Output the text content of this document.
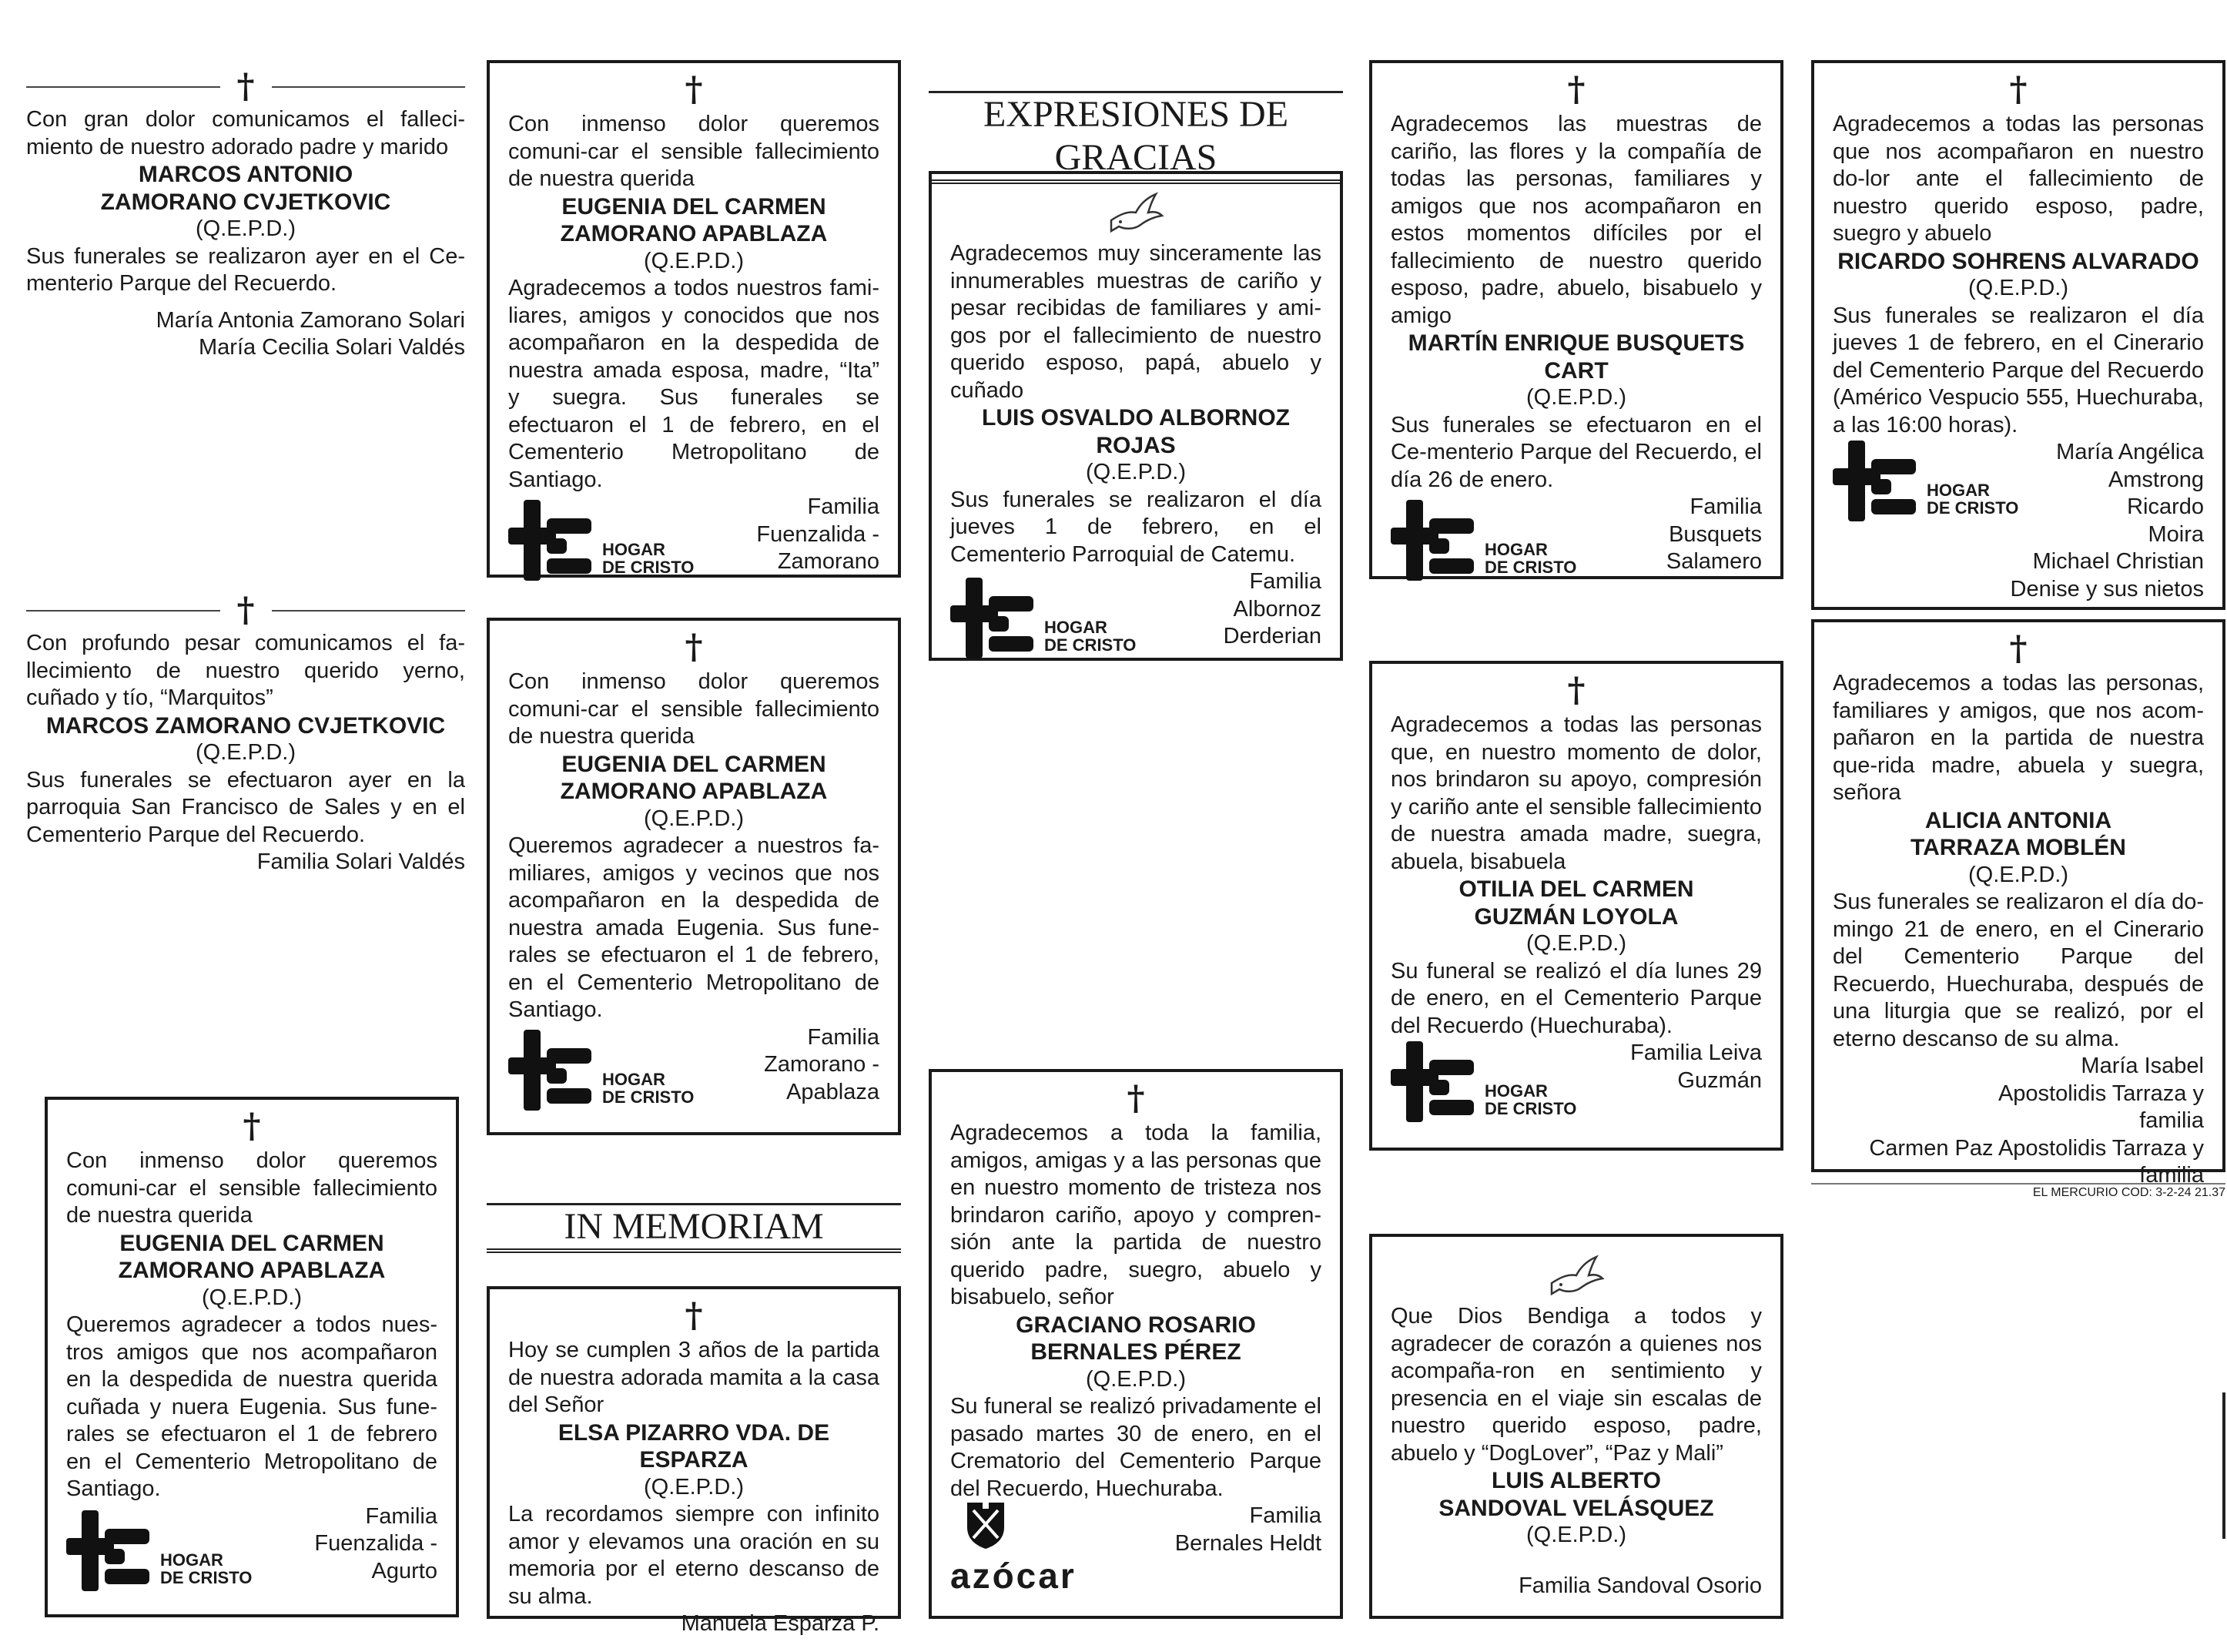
†
Con gran dolor comunicamos el falleci-miento de nuestro adorado padre y marido
MARCOS ANTONIO
ZAMORANO CVJETKOVIC
(Q.E.P.D.)
Sus funerales se realizaron ayer en el Ce-menterio Parque del Recuerdo.
María Antonia Zamorano Solari
María Cecilia Solari Valdés
†
Con profundo pesar comunicamos el fa-llecimiento de nuestro querido yerno, cuñado y tío, “Marquitos”
MARCOS ZAMORANO CVJETKOVIC
(Q.E.P.D.)
Sus funerales se efectuaron ayer en la parroquia San Francisco de Sales y en el Cementerio Parque del Recuerdo.
Familia Solari Valdés
†
Con inmenso dolor queremos comuni-car el sensible fallecimiento de nuestra querida
EUGENIA DEL CARMEN
ZAMORANO APABLAZA
(Q.E.P.D.)
Queremos agradecer a todos nues-tros amigos que nos acompañaron en la despedida de nuestra querida cuñada y nuera Eugenia. Sus fune-rales se efectuaron el 1 de febrero en el Cementerio Metropolitano de Santiago.
Familia
Fuenzalida -
Agurto
HOGAR
DE CRISTO
†
Con inmenso dolor queremos comuni-car el sensible fallecimiento de nuestra querida
EUGENIA DEL CARMEN
ZAMORANO APABLAZA
(Q.E.P.D.)
Agradecemos a todos nuestros fami-liares, amigos y conocidos que nos acompañaron en la despedida de nuestra amada esposa, madre, “Ita” y suegra. Sus funerales se efectuaron el 1 de febrero, en el Cementerio Metropolitano de Santiago.
Familia
Fuenzalida -
Zamorano
HOGAR
DE CRISTO
†
Con inmenso dolor queremos comuni-car el sensible fallecimiento de nuestra querida
EUGENIA DEL CARMEN
ZAMORANO APABLAZA
(Q.E.P.D.)
Queremos agradecer a nuestros fa-miliares, amigos y vecinos que nos acompañaron en la despedida de nuestra amada Eugenia. Sus fune-rales se efectuaron el 1 de febrero, en el Cementerio Metropolitano de Santiago.
Familia
Zamorano -
Apablaza
HOGAR
DE CRISTO
IN MEMORIAM
†
Hoy se cumplen 3 años de la partida de nuestra adorada mamita a la casa del Señor
ELSA PIZARRO VDA. DE ESPARZA
(Q.E.P.D.)
La recordamos siempre con infinito amor y elevamos una oración en su memoria por el eterno descanso de su alma.
Manuela Esparza P.
EXPRESIONES DE GRACIAS
Agradecemos muy sinceramente las innumerables muestras de cariño y pesar recibidas de familiares y ami-gos por el fallecimiento de nuestro querido esposo, papá, abuelo y cuñado
LUIS OSVALDO ALBORNOZ ROJAS
(Q.E.P.D.)
Sus funerales se realizaron el día jueves 1 de febrero, en el Cementerio Parroquial de Catemu.
Familia
Albornoz
Derderian
HOGAR
DE CRISTO
†
Agradecemos a toda la familia, amigos, amigas y a las personas que en nuestro momento de tristeza nos brindaron cariño, apoyo y compren-sión ante la partida de nuestro querido padre, suegro, abuelo y bisabuelo, señor
GRACIANO ROSARIO
BERNALES PÉREZ
(Q.E.P.D.)
Su funeral se realizó privadamente el pasado martes 30 de enero, en el Crematorio del Cementerio Parque del Recuerdo, Huechuraba.
Familia
Bernales Heldt
azócar
†
Agradecemos las muestras de cariño, las flores y la compañía de todas las personas, familiares y amigos que nos acompañaron en estos momentos difíciles por el fallecimiento de nuestro querido esposo, padre, abuelo, bisabuelo y amigo
MARTÍN ENRIQUE BUSQUETS
CART
(Q.E.P.D.)
Sus funerales se efectuaron en el Ce-menterio Parque del Recuerdo, el día 26 de enero.
Familia
Busquets
Salamero
HOGAR
DE CRISTO
†
Agradecemos a todas las personas que, en nuestro momento de dolor, nos brindaron su apoyo, compresión y cariño ante el sensible fallecimiento de nuestra amada madre, suegra, abuela, bisabuela
OTILIA DEL CARMEN
GUZMÁN LOYOLA
(Q.E.P.D.)
Su funeral se realizó el día lunes 29 de enero, en el Cementerio Parque del Recuerdo (Huechuraba).
Familia Leiva
Guzmán
HOGAR
DE CRISTO
Que Dios Bendiga a todos y agradecer de corazón a quienes nos acompaña-ron en sentimiento y presencia en el viaje sin escalas de nuestro querido esposo, padre, abuelo y “DogLover”, “Paz y Mali”
LUIS ALBERTO
SANDOVAL VELÁSQUEZ
(Q.E.P.D.)
Familia Sandoval Osorio
†
Agradecemos a todas las personas que nos acompañaron en nuestro do-lor ante el fallecimiento de nuestro querido esposo, padre, suegro y abuelo
RICARDO SOHRENS ALVARADO
(Q.E.P.D.)
Sus funerales se realizaron el día jueves 1 de febrero, en el Cinerario del Cementerio Parque del Recuerdo (Américo Vespucio 555, Huechuraba, a las 16:00 horas).
María Angélica
Amstrong
Ricardo
Moira
Michael Christian
Denise y sus nietos
HOGAR
DE CRISTO
†
Agradecemos a todas las personas, familiares y amigos, que nos acom-pañaron en la partida de nuestra que-rida madre, abuela y suegra, señora
ALICIA ANTONIA
TARRAZA MOBLÉN
(Q.E.P.D.)
Sus funerales se realizaron el día do-mingo 21 de enero, en el Cinerario del Cementerio Parque del Recuerdo, Huechuraba, después de una liturgia que se realizó, por el eterno descanso de su alma.
María Isabel
Apostolidis Tarraza y
familia
Carmen Paz Apostolidis Tarraza y
familia
EL MERCURIO COD: 3-2-24 21.37
